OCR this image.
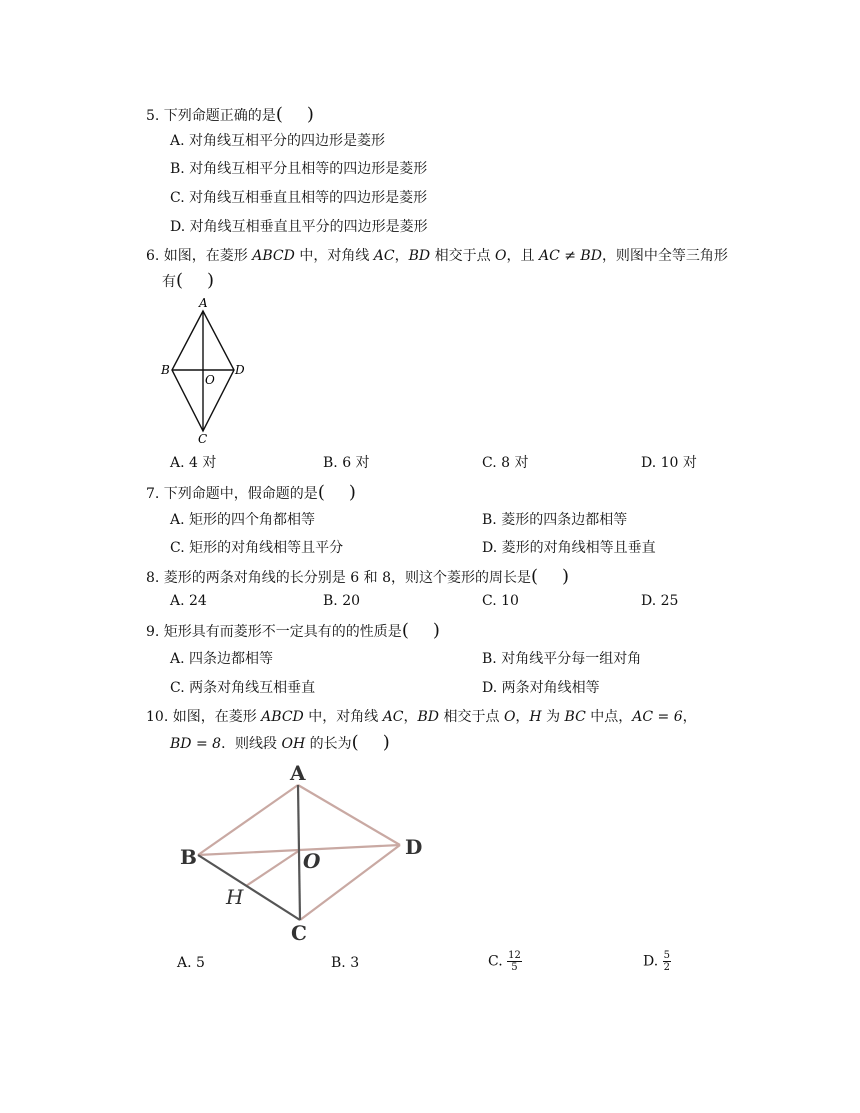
5. 下列命题正确的是( )
A. 对角线互相平分的四边形是菱形
B. 对角线互相平分且相等的四边形是菱形
C. 对角线互相垂直且相等的四边形是菱形
D. 对角线互相垂直且平分的四边形是菱形
6. 如图，在菱形 ABCD 中，对角线 AC，BD 相交于点 O，且 AC ≠ BD，则图中全等三角形
有( )
A
B
O
D
C
A. 4 对	B. 6 对	C. 8 对	D. 10 对
7. 下列命题中，假命题的是( )
A. 矩形的四个角都相等	B. 菱形的四条边都相等
C. 矩形的对角线相等且平分	D. 菱形的对角线相等且垂直
8. 菱形的两条对角线的长分别是 6 和 8，则这个菱形的周长是( )
A. 24	B. 20	C. 10	D. 25
9. 矩形具有而菱形不一定具有的的性质是( )
A. 四条边都相等	B. 对角线平分每一组对角
C. 两条对角线互相垂直	D. 两条对角线相等
10. 如图，在菱形 ABCD 中，对角线 AC，BD 相交于点 O，H 为 BC 中点，AC = 6，
BD = 8．则线段 OH 的长为( )
A
B	O
D
H
C
A. 5	B. 3	C. $\frac{12}{5}$	D. $\frac{5}{2}$
